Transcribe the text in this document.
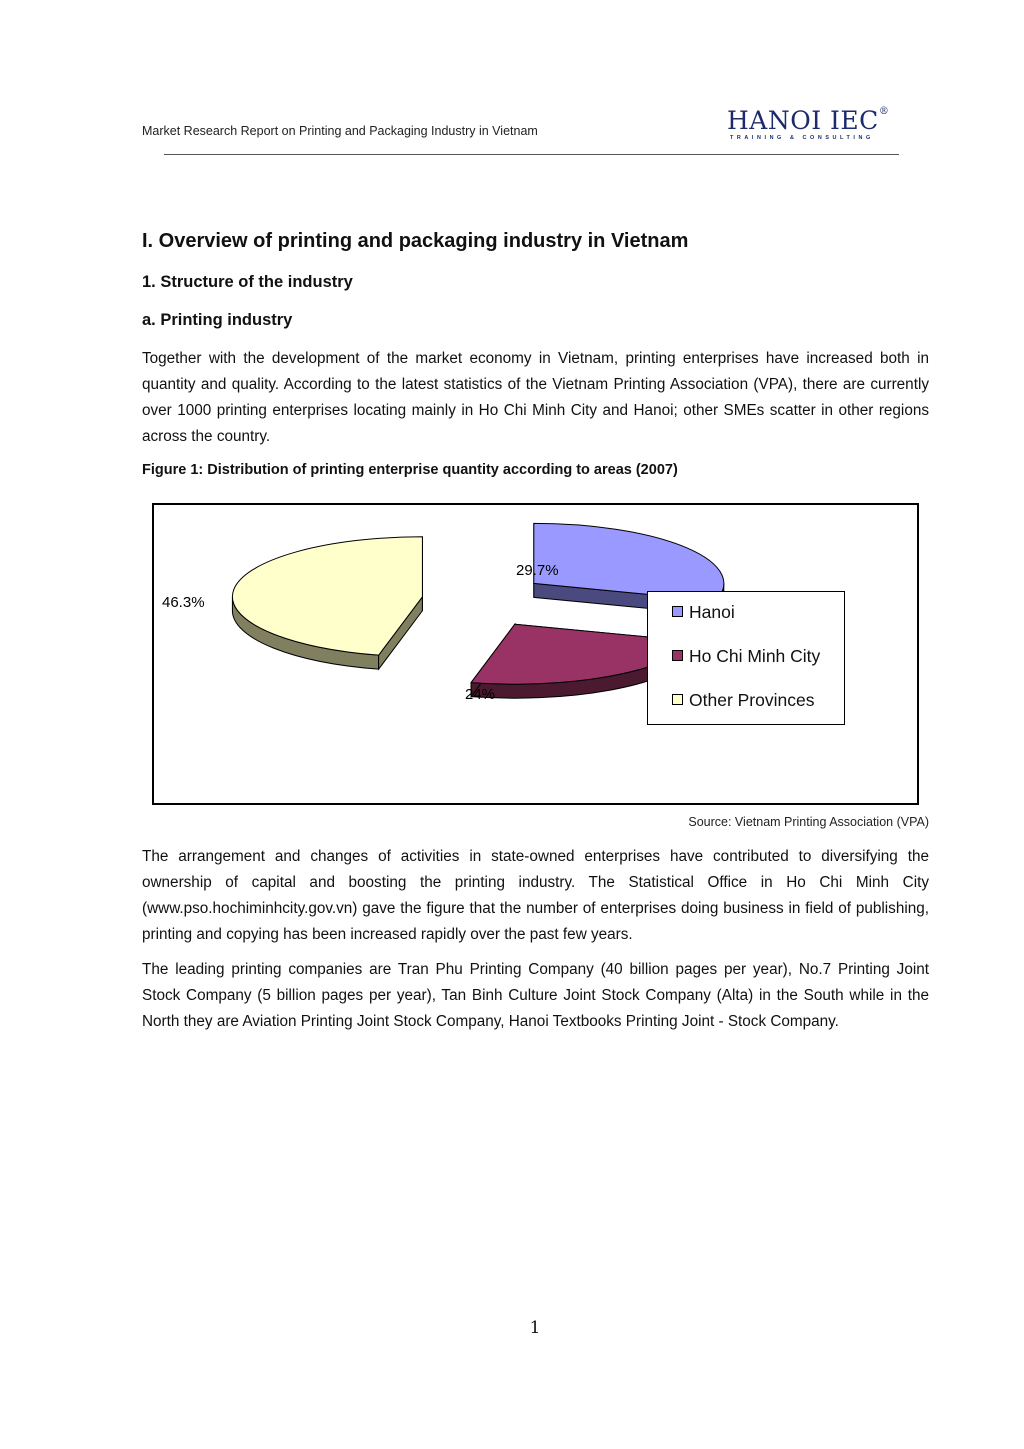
Market Research Report on Printing and Packaging Industry in Vietnam	HANOI IEC®
TRAINING & CONSULTING
I. Overview of printing and packaging industry in Vietnam
1. Structure of the industry
a. Printing industry

Together with the development of the market economy in Vietnam, printing enterprises have increased both in quantity and quality. According to the latest statistics of the Vietnam Printing Association (VPA), there are currently over 1000 printing enterprises locating mainly in Ho Chi Minh City and Hanoi; other SMEs scatter in other regions across the country.

Figure 1: Distribution of printing enterprise quantity according to areas (2007)

29.7%
24%
46.3%	Hanoi
Ho Chi Minh City
Other Provinces

Source: Vietnam Printing Association (VPA)

The arrangement and changes of activities in state-owned enterprises have contributed to diversifying the ownership of capital and boosting the printing industry. The Statistical Office in Ho Chi Minh City (www.pso.hochiminhcity.gov.vn) gave the figure that the number of enterprises doing business in field of publishing, printing and copying has been increased rapidly over the past few years.

The leading printing companies are Tran Phu Printing Company (40 billion pages per year), No.7 Printing Joint Stock Company (5 billion pages per year), Tan Binh Culture Joint Stock Company (Alta) in the South while in the North they are Aviation Printing Joint Stock Company, Hanoi Textbooks Printing Joint - Stock Company.

1
